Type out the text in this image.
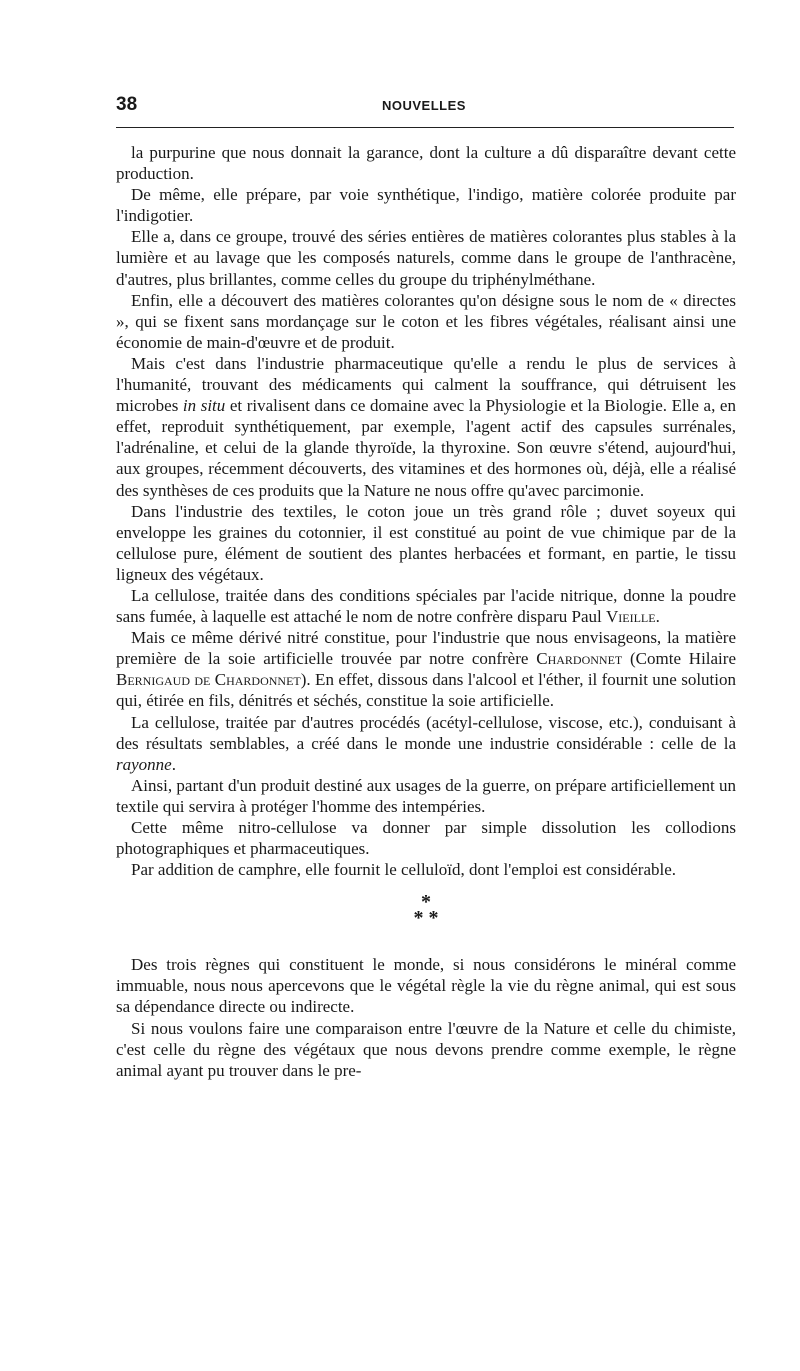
38	NOUVELLES

la purpurine que nous donnait la garance, dont la culture a dû disparaître devant cette production.

De même, elle prépare, par voie synthétique, l'indigo, matière colorée produite par l'indigotier.

Elle a, dans ce groupe, trouvé des séries entières de matières colorantes plus stables à la lumière et au lavage que les composés naturels, comme dans le groupe de l'anthracène, d'autres, plus brillantes, comme celles du groupe du triphénylméthane.

Enfin, elle a découvert des matières colorantes qu'on désigne sous le nom de « directes », qui se fixent sans mordançage sur le coton et les fibres végétales, réalisant ainsi une économie de main-d'œuvre et de produit.

Mais c'est dans l'industrie pharmaceutique qu'elle a rendu le plus de services à l'humanité, trouvant des médicaments qui calment la souffrance, qui détruisent les microbes in situ et rivalisent dans ce domaine avec la Physiologie et la Biologie. Elle a, en effet, reproduit synthétiquement, par exemple, l'agent actif des capsules surrénales, l'adrénaline, et celui de la glande thyroïde, la thyroxine. Son œuvre s'étend, aujourd'hui, aux groupes, récemment découverts, des vitamines et des hormones où, déjà, elle a réalisé des synthèses de ces produits que la Nature ne nous offre qu'avec parcimonie.

Dans l'industrie des textiles, le coton joue un très grand rôle ; duvet soyeux qui enveloppe les graines du cotonnier, il est constitué au point de vue chimique par de la cellulose pure, élément de soutient des plantes herbacées et formant, en partie, le tissu ligneux des végétaux.

La cellulose, traitée dans des conditions spéciales par l'acide nitrique, donne la poudre sans fumée, à laquelle est attaché le nom de notre confrère disparu Paul Vieille.

Mais ce même dérivé nitré constitue, pour l'industrie que nous envisageons, la matière première de la soie artificielle trouvée par notre confrère Chardonnet (Comte Hilaire Bernigaud de Chardonnet). En effet, dissous dans l'alcool et l'éther, il fournit une solution qui, étirée en fils, dénitrés et séchés, constitue la soie artificielle.

La cellulose, traitée par d'autres procédés (acétyl-cellulose, viscose, etc.), conduisant à des résultats semblables, a créé dans le monde une industrie considérable : celle de la rayonne.

Ainsi, partant d'un produit destiné aux usages de la guerre, on prépare artificiellement un textile qui servira à protéger l'homme des intempéries.

Cette même nitro-cellulose va donner par simple dissolution les collodions photographiques et pharmaceutiques.

Par addition de camphre, elle fournit le celluloïd, dont l'emploi est considérable.

*
* *

Des trois règnes qui constituent le monde, si nous considérons le minéral comme immuable, nous nous apercevons que le végétal règle la vie du règne animal, qui est sous sa dépendance directe ou indirecte.

Si nous voulons faire une comparaison entre l'œuvre de la Nature et celle du chimiste, c'est celle du règne des végétaux que nous devons prendre comme exemple, le règne animal ayant pu trouver dans le pre-
